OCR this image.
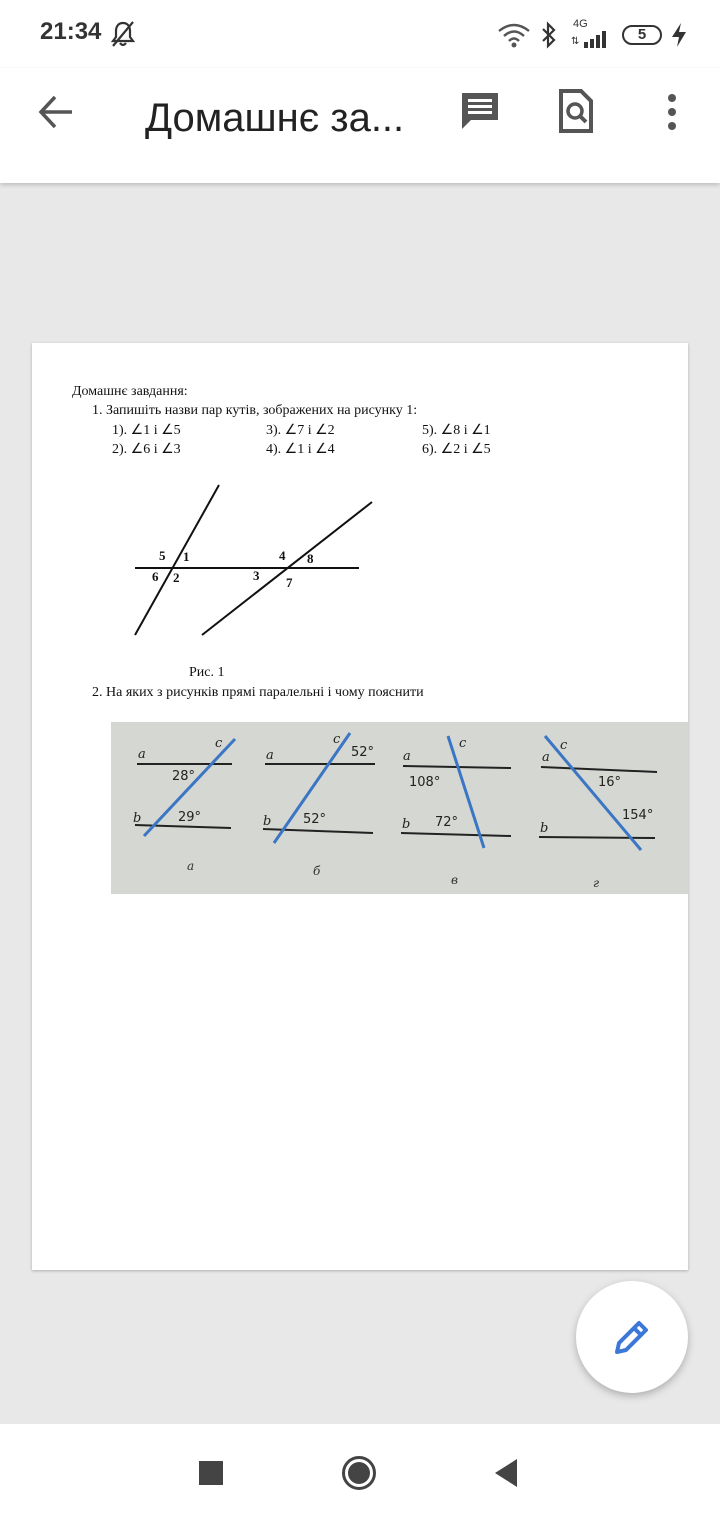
21:34	4G
⇅	5
Домашнє за...
Домашнє завдання:
1. Запишіть назви пар кутів, зображених на рисунку 1:
1). ∠1 і ∠5	3). ∠7 і ∠2	5). ∠8 і ∠1
2). ∠6 і ∠3	4). ∠1 і ∠4	6). ∠2 і ∠5
5 1
6 2
4 8
3 7
Рис. 1
2. На яких з рисунків прямі паралельні і чому пояснити
a
b
c
28°
29°
а
a
b
c
52°
52°
б
a
b
c
108°
72°
в
a
b
c
16°
154°
г
